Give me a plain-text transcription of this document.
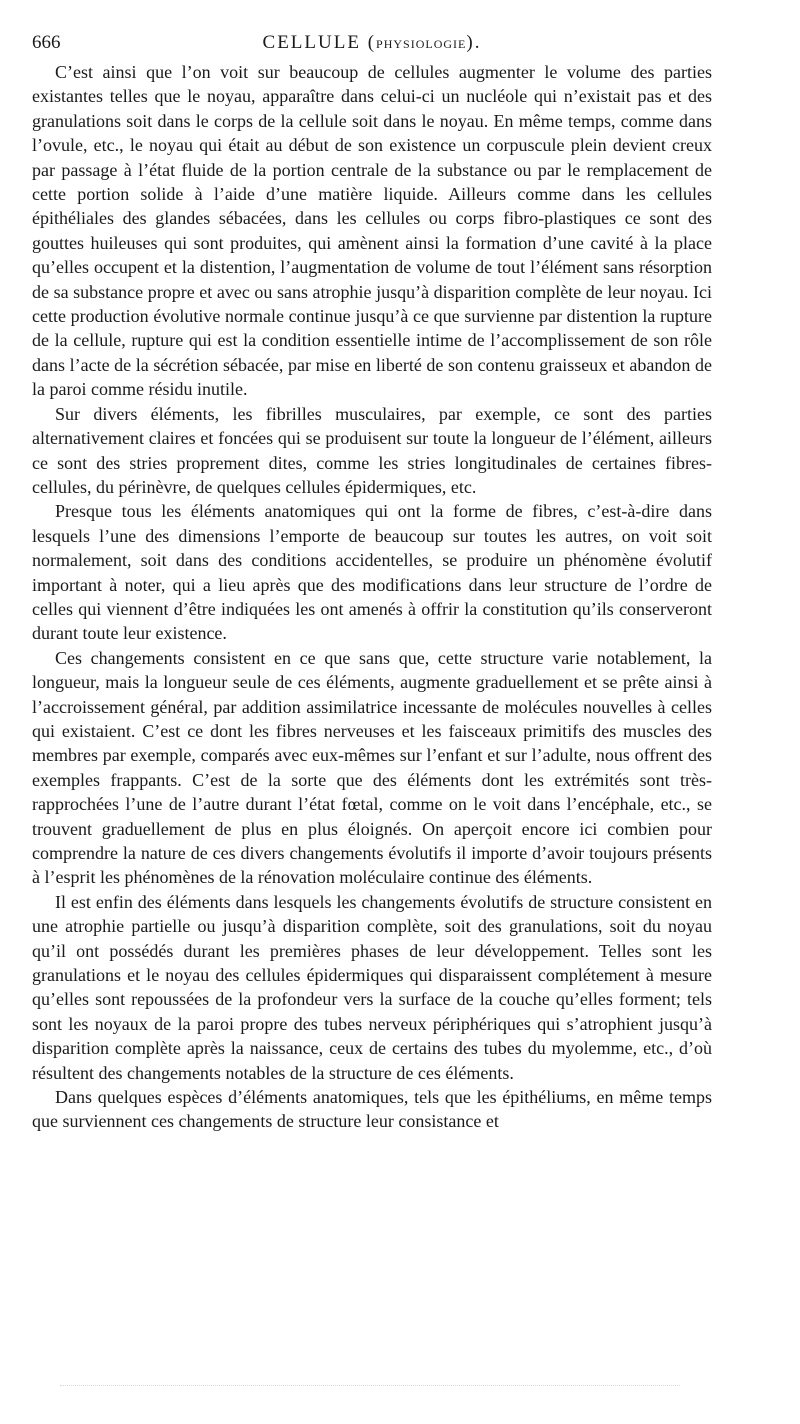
666	CELLULE (PHYSIOLOGIE).

C’est ainsi que l’on voit sur beaucoup de cellules augmenter le volume des parties existantes telles que le noyau, apparaître dans celui-ci un nucléole qui n’existait pas et des granulations soit dans le corps de la cellule soit dans le noyau. En même temps, comme dans l’ovule, etc., le noyau qui était au début de son existence un corpuscule plein devient creux par passage à l’état fluide de la portion centrale de la substance ou par le remplacement de cette portion solide à l’aide d’une matière liquide. Ailleurs comme dans les cellules épithéliales des glandes sébacées, dans les cellules ou corps fibro-plastiques ce sont des gouttes huileuses qui sont produites, qui amènent ainsi la formation d’une cavité à la place qu’elles occupent et la distention, l’augmentation de volume de tout l’élément sans résorption de sa substance propre et avec ou sans atrophie jusqu’à disparition complète de leur noyau. Ici cette production évolutive normale continue jusqu’à ce que survienne par distention la rupture de la cellule, rupture qui est la condition essentielle intime de l’accomplissement de son rôle dans l’acte de la sécrétion sébacée, par mise en liberté de son contenu graisseux et abandon de la paroi comme résidu inutile.

Sur divers éléments, les fibrilles musculaires, par exemple, ce sont des parties alternativement claires et foncées qui se produisent sur toute la longueur de l’élément, ailleurs ce sont des stries proprement dites, comme les stries longitudinales de certaines fibres-cellules, du périnèvre, de quelques cellules épidermiques, etc.

Presque tous les éléments anatomiques qui ont la forme de fibres, c’est-à-dire dans lesquels l’une des dimensions l’emporte de beaucoup sur toutes les autres, on voit soit normalement, soit dans des conditions accidentelles, se produire un phénomène évolutif important à noter, qui a lieu après que des modifications dans leur structure de l’ordre de celles qui viennent d’être indiquées les ont amenés à offrir la constitution qu’ils conserveront durant toute leur existence.

Ces changements consistent en ce que sans que, cette structure varie notablement, la longueur, mais la longueur seule de ces éléments, augmente graduellement et se prête ainsi à l’accroissement général, par addition assimilatrice incessante de molécules nouvelles à celles qui existaient. C’est ce dont les fibres nerveuses et les faisceaux primitifs des muscles des membres par exemple, comparés avec eux-mêmes sur l’enfant et sur l’adulte, nous offrent des exemples frappants. C’est de la sorte que des éléments dont les extrémités sont très-rapprochées l’une de l’autre durant l’état fœtal, comme on le voit dans l’encéphale, etc., se trouvent graduellement de plus en plus éloignés. On aperçoit encore ici combien pour comprendre la nature de ces divers changements évolutifs il importe d’avoir toujours présents à l’esprit les phénomènes de la rénovation moléculaire continue des éléments.

Il est enfin des éléments dans lesquels les changements évolutifs de structure consistent en une atrophie partielle ou jusqu’à disparition complète, soit des granulations, soit du noyau qu’il ont possédés durant les premières phases de leur développement. Telles sont les granulations et le noyau des cellules épidermiques qui disparaissent complétement à mesure qu’elles sont repoussées de la profondeur vers la surface de la couche qu’elles forment; tels sont les noyaux de la paroi propre des tubes nerveux périphériques qui s’atrophient jusqu’à disparition complète après la naissance, ceux de certains des tubes du myolemme, etc., d’où résultent des changements notables de la structure de ces éléments.

Dans quelques espèces d’éléments anatomiques, tels que les épithéliums, en même temps que surviennent ces changements de structure leur consistance et
